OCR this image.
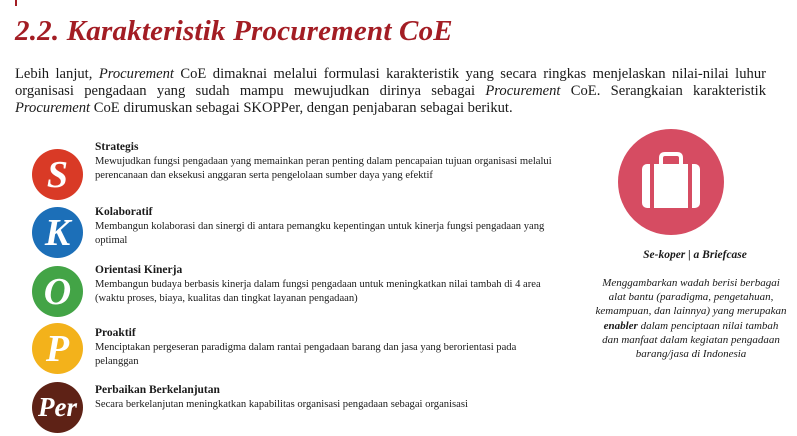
2.2. Karakteristik Procurement CoE

Lebih lanjut, Procurement CoE dimaknai melalui formulasi karakteristik yang secara ringkas menjelaskan nilai-nilai luhur organisasi pengadaan yang sudah mampu mewujudkan dirinya sebagai Procurement CoE. Serangkaian karakteristik Procurement CoE dirumuskan sebagai SKOPPer, dengan penjabaran sebagai berikut.

S

Strategis

Mewujudkan fungsi pengadaan yang memainkan peran penting dalam pencapaian tujuan organisasi melalui perencanaan dan eksekusi anggaran serta pengelolaan sumber daya yang efektif

K	Kolaboratif

Membangun kolaborasi dan sinergi di antara pemangku kepentingan untuk kinerja fungsi pengadaan yang optimal

O

Orientasi Kinerja

Membangun budaya berbasis kinerja dalam fungsi pengadaan untuk meningkatkan nilai tambah di 4 area (waktu proses, biaya, kualitas dan tingkat layanan pengadaan)

P	Proaktif

Menciptakan pergeseran paradigma dalam rantai pengadaan barang dan jasa yang berorientasi pada pelanggan

Per

Perbaikan Berkelanjutan

Secara berkelanjutan meningkatkan kapabilitas organisasi pengadaan sebagai organisasi

Se-koper | a Briefcase

Menggambarkan wadah berisi berbagai alat bantu (paradigma, pengetahuan, kemampuan, dan lainnya) yang merupakan enabler dalam penciptaan nilai tambah dan manfaat dalam kegiatan pengadaan barang/jasa di Indonesia
